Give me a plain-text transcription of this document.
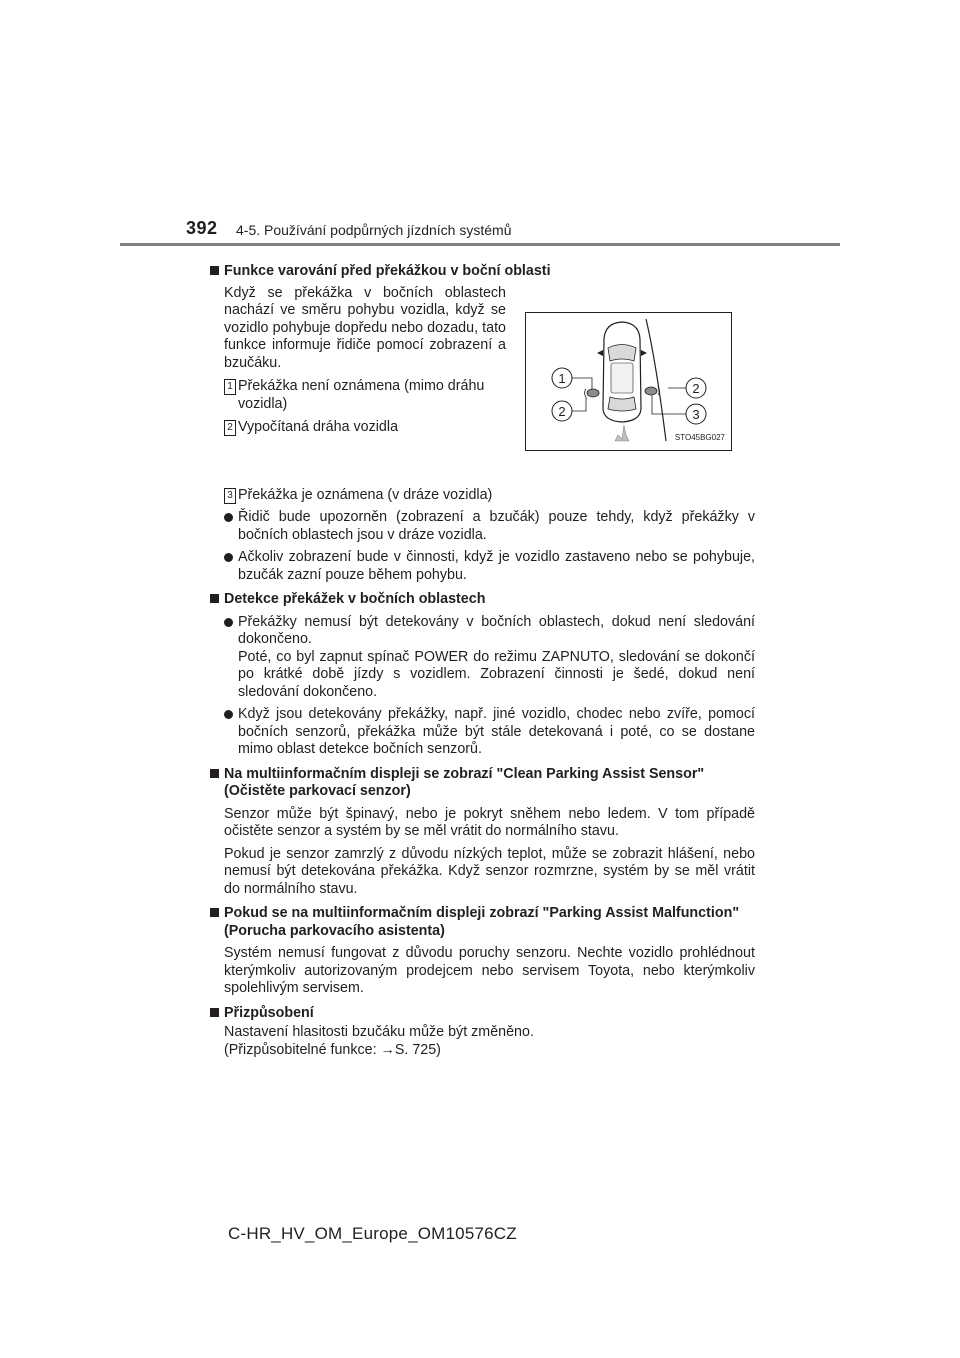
392 4-5. Používání podpůrných jízdních systémů
Funkce varování před překážkou v boční oblasti
Když se překážka v bočních oblastech nachází ve směru pohybu vozidla, když se vozidlo pohybuje dopředu nebo dozadu, tato funkce informuje řidiče pomocí zobrazení a bzučáku.
1 Překážka není oznámena (mimo dráhu vozidla)
2 Vypočítaná dráha vozidla
1
2
2
3
STO45BG027
3 Překážka je oznámena (v dráze vozidla)
Řidič bude upozorněn (zobrazení a bzučák) pouze tehdy, když překážky v bočních oblastech jsou v dráze vozidla.
Ačkoliv zobrazení bude v činnosti, když je vozidlo zastaveno nebo se pohybuje, bzučák zazní pouze během pohybu.
Detekce překážek v bočních oblastech
Překážky nemusí být detekovány v bočních oblastech, dokud není sledování dokončeno.
Poté, co byl zapnut spínač POWER do režimu ZAPNUTO, sledování se dokončí po krátké době jízdy s vozidlem. Zobrazení činnosti je šedé, dokud není sledování dokončeno.
Když jsou detekovány překážky, např. jiné vozidlo, chodec nebo zvíře, pomocí bočních senzorů, překážka může být stále detekovaná i poté, co se dostane mimo oblast detekce bočních senzorů.
Na multiinformačním displeji se zobrazí "Clean Parking Assist Sensor" (Očistěte parkovací senzor)
Senzor může být špinavý, nebo je pokryt sněhem nebo ledem. V tom případě očistěte senzor a systém by se měl vrátit do normálního stavu.
Pokud je senzor zamrzlý z důvodu nízkých teplot, může se zobrazit hlášení, nebo nemusí být detekována překážka. Když senzor rozmrzne, systém by se měl vrátit do normálního stavu.
Pokud se na multiinformačním displeji zobrazí "Parking Assist Malfunction" (Porucha parkovacího asistenta)
Systém nemusí fungovat z důvodu poruchy senzoru. Nechte vozidlo prohlédnout kterýmkoliv autorizovaným prodejcem nebo servisem Toyota, nebo kterýmkoliv spolehlivým servisem.
Přizpůsobení
Nastavení hlasitosti bzučáku může být změněno.
(Přizpůsobitelné funkce: →S. 725)
C-HR_HV_OM_Europe_OM10576CZ
